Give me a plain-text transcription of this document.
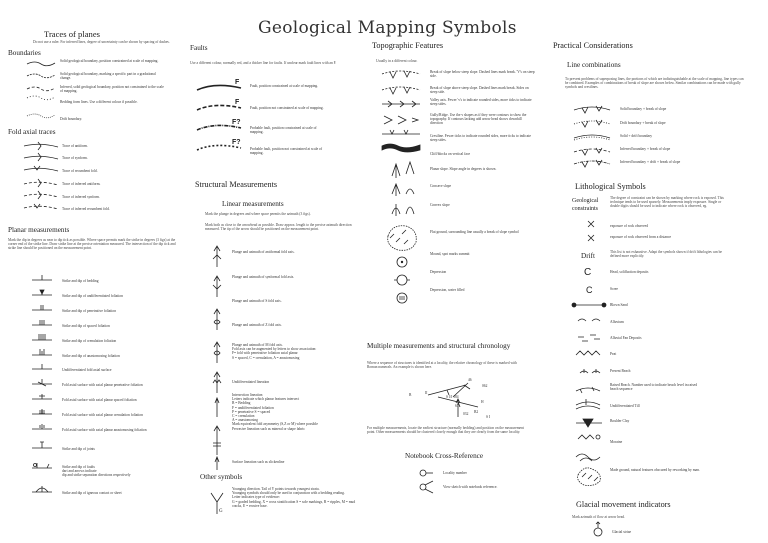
Geological Mapping Symbols
Traces of planes
Do not use a ruler. For inferred lines, degree of uncertainty can be shown by spacing of dashes.
Boundaries
Solid geological boundary, position constrained at scale of mapping.
Solid geological boundary, marking a specific part in a gradational change.
Inferred, solid geological boundary, position not constrained to the scale of mapping.
Bedding form lines. Use a different colour if possible.
Drift boundary.
Fold axial traces
Trace of antiform.
Trace of synform.
Trace of recumbent fold.
Trace of inferred antiform.
Trace of inferred synform.
Trace of inferred recumbent fold.
Planar measurements
Mark the dip in degrees as near to dip tick as possible. Where space permits mark the strike in degrees (3 figs) at the corner end of the strike line. Draw strike line at the precise orientation measured. The intersection of the dip tick and strike line should be positioned on the measurement point.
Strike and dip of bedding
Strike and dip of undifferentiated foliation
Strike and dip of penetrative foliation
Strike and dip of spaced foliation
Strike and dip of crenulation foliation
Strike and dip of anastomosing foliation
Undifferentiated fold axial surface
Fold axial surface with axial planar penetrative foliation
Fold axial surface with axial planar spaced foliation
Fold axial surface with axial planar crenulation foliation
Fold axial surface with axial planar anastomosing foliation
Strike and dip of joints
Strike and dip of faults
dart and arrows indicate
dip and strike separation directions respectively
Strike and dip of igneous contact or sheet
Faults
Use a different colour, normally red, and a thicker line for faults. If unclear mark fault lines with an F.
F
F
F?
F?
Fault, position constrained at scale of mapping.
Fault, position not constrained at scale of mapping.
Probable fault, position constrained at scale of mapping.
Probable fault, position not constrained at scale of mapping.
Structural Measurements
Linear measurements
Mark the plunge in degrees and where space permits the azimuth (3 figs).
Mark both as close to the arrowhead as possible. Draw approx. length to the precise azimuth direction measured. The tip of the arrow should be positioned on the measurement point.
Plunge and azimuth of antiformal fold axis.
Plunge and azimuth of synformal fold axis.
Plunge and azimuth of S fold axis.
Plunge and azimuth of Z fold axis.
Plunge and azimuth of M fold axis.
Fold axis can be augmented by letters to show association:
F= fold with penetrative foliation axial planar
S = spaced, C = crenulation, A = anastomosing
Undifferentiated lineation
Intersection lineation
Letters indicate which planar features intersect
B = Bedding
F = undifferentiated foliation
P = penetrative S = spaced
C = crenulation
A = anastomosing
Mark equivalent fold asymmetry (S,Z or M) where possible
Pervasive lineation such as mineral or shape fabric
Surface lineation such as slickenline
Other symbols
G
Younging direction. Tail of Y points towards youngest strata.
Younging symbols should only be used in conjunction with a bedding reading.
Letter indicates type of evidence:
G = graded bedding, X = cross stratification S = sole markings, R = ripples, M = mud cracks, E = erosive base.
Topographic Features
Usually in a different colour.
Break of slope below steep slope. Dashed lines mark break. 'V's on steep side.
Break of slope above steep slope. Dashed lines mark break. Sides on steep side.
Valley axis. Fewer 'v's to indicate rounded sides, more ticks to indicate steep sides.
Gully/Ridge. Use the v shapes as if they were contours to show the topography. If contours lacking add arrow head shows downhill direction
Crestline. Fewer ticks to indicate rounded sides, more ticks to indicate steep sides.
Cliff/blocks on vertical face
Planar slope. Slope angle in degrees is shown.
Concave slope
Convex slope
Flat ground, surrounding line usually a break of slope symbol
Mound, spot marks summit
Depression
Depression, water filled
Multiple measurements and structural chronology
Where a sequence of structures is identified at a locality, the relative chronology of these is marked with Roman numerals. An example is shown here.
46
062
B	II
S I/I 184
67
032
H
B2
S I
For multiple measurements, locate the earliest structure (normally bedding) and position on the measurement point. Other measurements should be clustered closely enough that they are clearly from the same locality.
Notebook Cross-Reference
Locality number
View sketch with notebook reference.
Practical Considerations
Line combinations
To prevent problems of superposing lines, the portions of which are indistinguishable at the scale of mapping, line types can be combined. Examples of combinations of break of slope are shown below. Similar combinations can be made with gully symbols and crestlines.
Solid boundary + break of slope
Drift boundary + break of slope
Solid + drift boundary
Inferred boundary + break of slope
Inferred boundary + drift + break of slope
Lithological Symbols
Geological constraints
The degree of constraint can be shown by marking where rock is exposed. This technique tends to be used sparsely. Measurements imply exposure. Single or double digits should be used to indicate where rock is observed, eg.
exposure of rock observed
exposure of rock observed from a distance
Drift	This list is not exhaustive. Adapt the symbols shown if drift lithologies can be defined more explicitly.
C
C
Head, solifluction deposits
Scree
Blown Sand
Alluvium
Alluvial Fan Deposits
Peat
Present Beach
Raised Beach. Number used to indicate beach level in raised beach sequence
Undifferentiated Till
Boulder Clay
Moraine
Made ground, natural features obscured by reworking by man.
Glacial movement indicators
Mark azimuth of flow at arrow head.
Glacial striae
